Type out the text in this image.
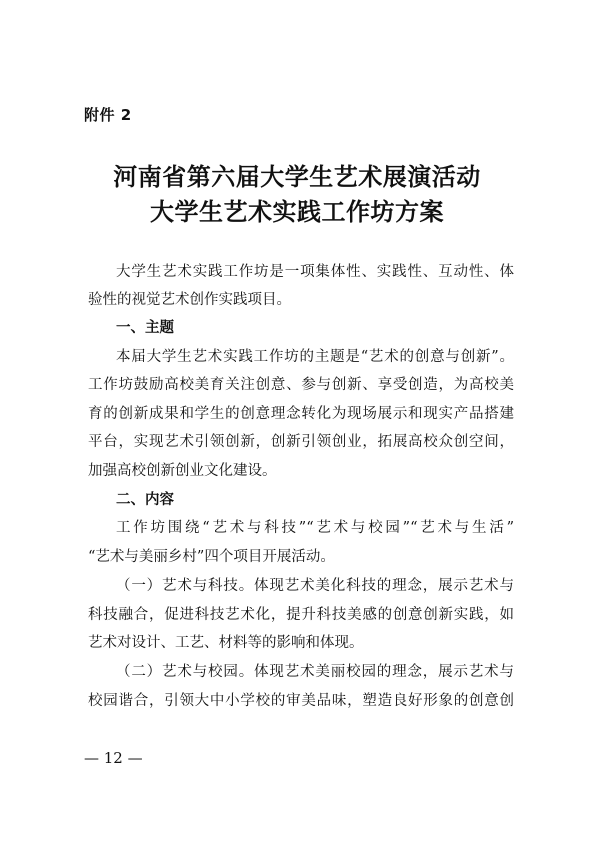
附件 2
河南省第六届大学生艺术展演活动
大学生艺术实践工作坊方案
大学生艺术实践工作坊是一项集体性、实践性、互动性、体
验性的视觉艺术创作实践项目。
一、主题
本届大学生艺术实践工作坊的主题是“艺术的创意与创新”。
工作坊鼓励高校美育关注创意、参与创新、享受创造，为高校美
育的创新成果和学生的创意理念转化为现场展示和现实产品搭建
平台，实现艺术引领创新，创新引领创业，拓展高校众创空间，
加强高校创新创业文化建设。
二、内容
工作坊围绕“艺术与科技”“艺术与校园”“艺术与生活”
“艺术与美丽乡村”四个项目开展活动。
（一）艺术与科技。体现艺术美化科技的理念，展示艺术与
科技融合，促进科技艺术化，提升科技美感的创意创新实践，如
艺术对设计、工艺、材料等的影响和体现。
（二）艺术与校园。体现艺术美丽校园的理念，展示艺术与
校园谐合，引领大中小学校的审美品味，塑造良好形象的创意创
— 12 —
